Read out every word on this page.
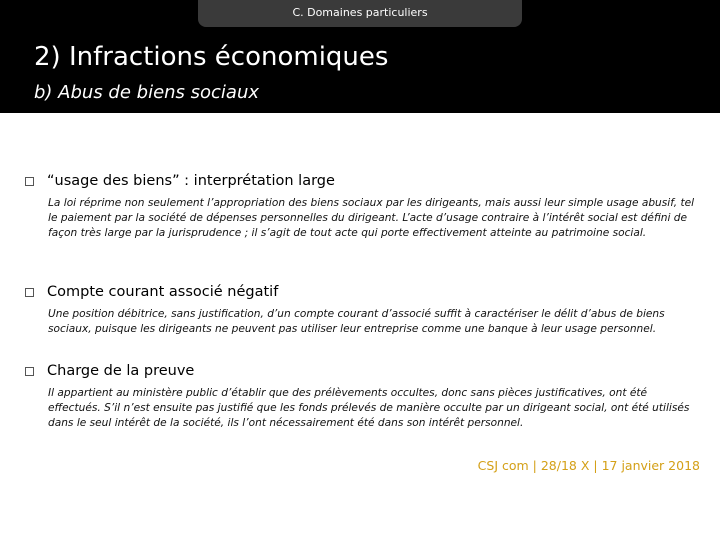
C. Domaines particuliers
2) Infractions économiques
b) Abus de biens sociaux
“usage des biens” : interprétation large
La loi réprime non seulement l’appropriation des biens sociaux par les dirigeants, mais aussi leur simple usage abusif, tel le paiement par la société de dépenses personnelles du dirigeant. L’acte d’usage contraire à l’intérêt social est défini de façon très large par la jurisprudence ; il s’agit de tout acte qui porte effectivement atteinte au patrimoine social.
Compte courant associé négatif
Une position débitrice, sans justification, d’un compte courant d’associé suffit à caractériser le délit d’abus de biens sociaux, puisque les dirigeants ne peuvent pas utiliser leur entreprise comme une banque à leur usage personnel.
Charge de la preuve
Il appartient au ministère public d’établir que des prélèvements occultes, donc sans pièces justificatives, ont été effectués. S’il n’est ensuite pas justifié que les fonds prélevés de manière occulte par un dirigeant social, ont été utilisés dans le seul intérêt de la société, ils l’ont nécessairement été dans son intérêt personnel.
CSJ com | 28/18 X | 17 janvier 2018
